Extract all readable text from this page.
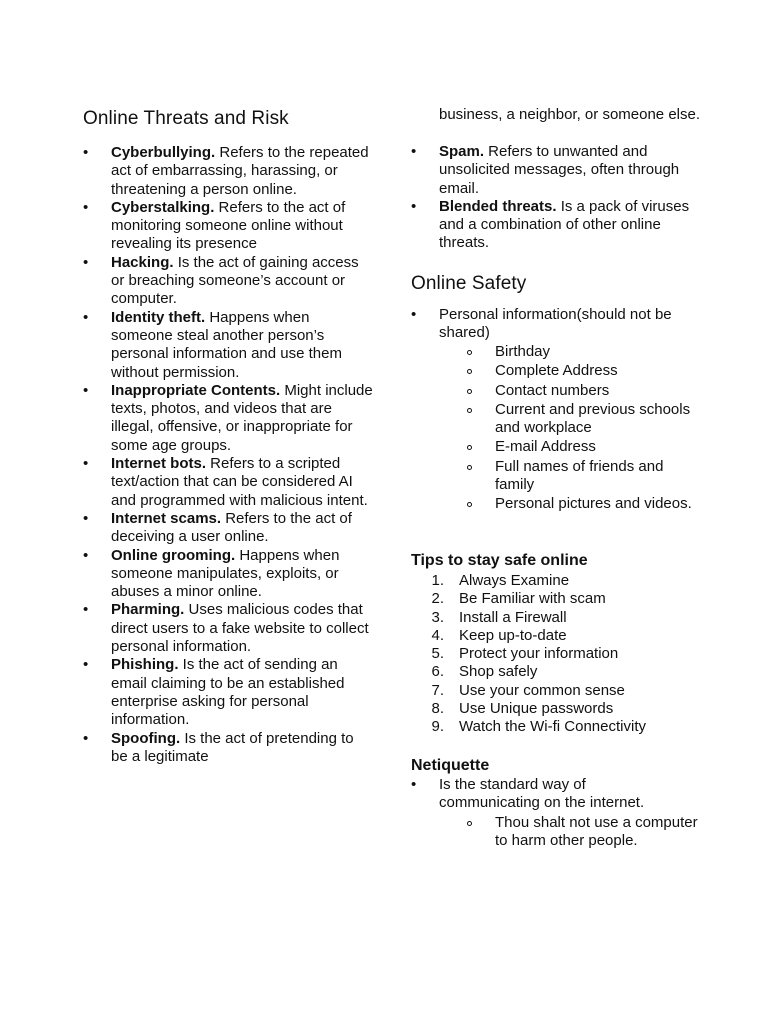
Online Threats and Risk
• Cyberbullying. Refers to the repeated act of embarrassing, harassing, or threatening a person online.
• Cyberstalking. Refers to the act of monitoring someone online without revealing its presence
• Hacking. Is the act of gaining access or breaching someone’s account or computer.
• Identity theft. Happens when someone steal another person’s personal information and use them without permission.
• Inappropriate Contents. Might include texts, photos, and videos that are illegal, offensive, or inappropriate for some age groups.
• Internet bots. Refers to a scripted text/action that can be considered AI and programmed with malicious intent.
• Internet scams. Refers to the act of deceiving a user online.
• Online grooming. Happens when someone manipulates, exploits, or abuses a minor online.
• Pharming. Uses malicious codes that direct users to a fake website to collect personal information.
• Phishing. Is the act of sending an email claiming to be an established enterprise asking for personal information.
• Spoofing. Is the act of pretending to be a legitimate
business, a neighbor, or someone else.
• Spam. Refers to unwanted and unsolicited messages, often through email.
• Blended threats. Is a pack of viruses and a combination of other online threats.
Online Safety
• Personal information(should not be shared)
Birthday
Complete Address
Contact numbers
Current and previous schools and workplace
E-mail Address
Full names of friends and family
Personal pictures and videos.
Tips to stay safe online
1. Always Examine
2. Be Familiar with scam
3. Install a Firewall
4. Keep up-to-date
5. Protect your information
6. Shop safely
7. Use your common sense
8. Use Unique passwords
9. Watch the Wi-fi Connectivity
Netiquette
• Is the standard way of communicating on the internet.
Thou shalt not use a computer to harm other people.
